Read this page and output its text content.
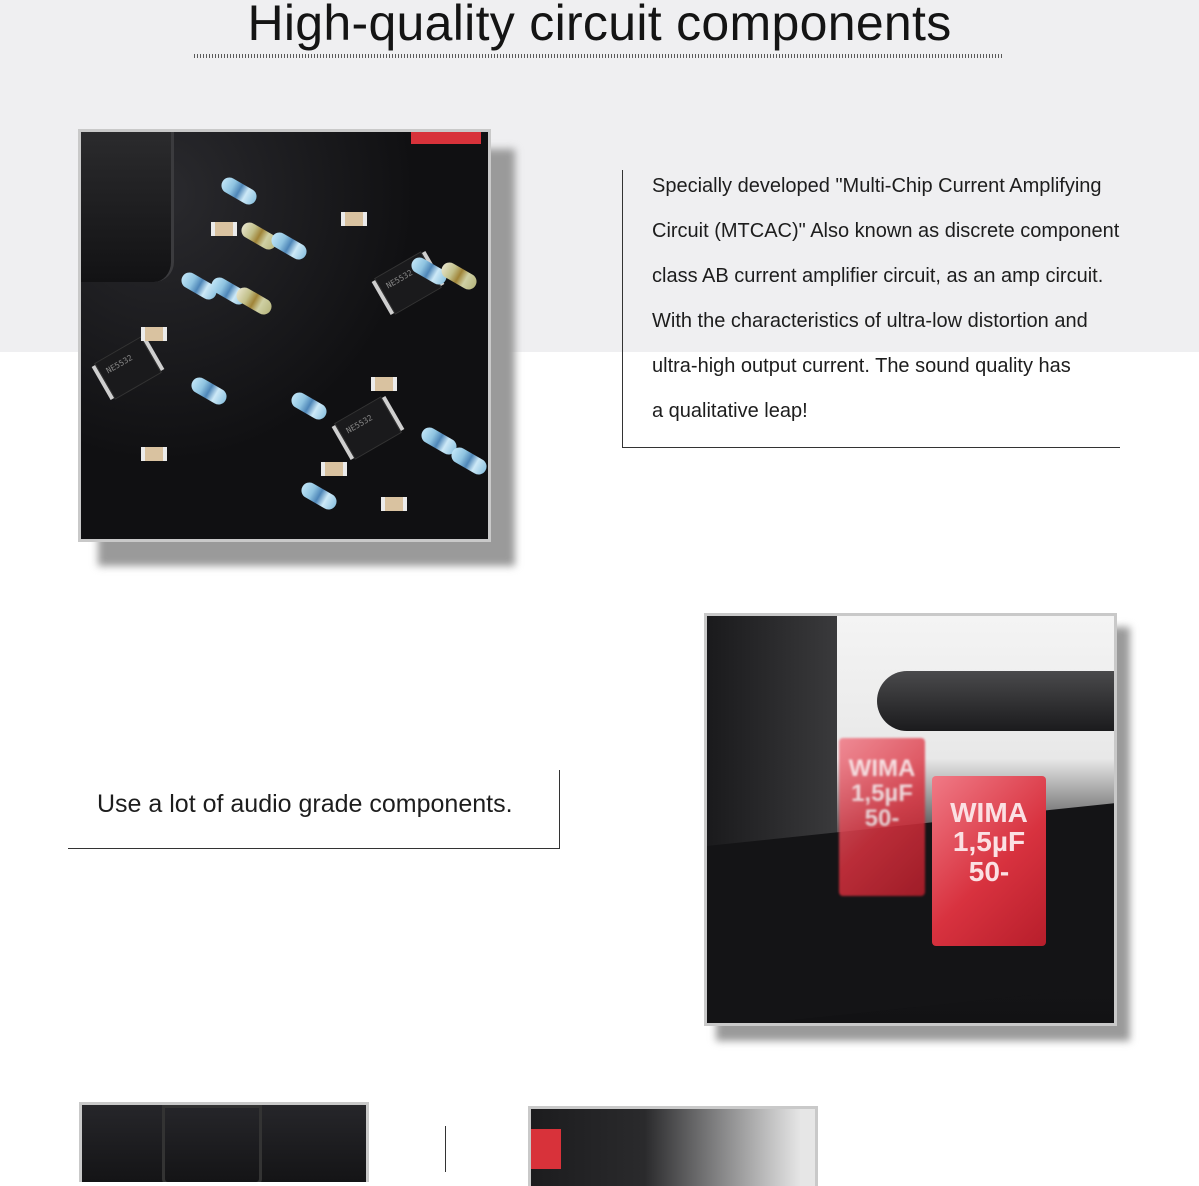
High-quality circuit components
NE5532
NE5532
NE5532
Specially developed "Multi-Chip Current Amplifying
Circuit (MTCAC)" Also known as discrete component
class AB current amplifier circuit, as an amp circuit.
With the characteristics of ultra-low distortion and
ultra-high output current. The sound quality has
a qualitative leap!
Use a lot of audio grade components.
WIMA 1,5µF 50-	WIMA 1,5µF 50-
